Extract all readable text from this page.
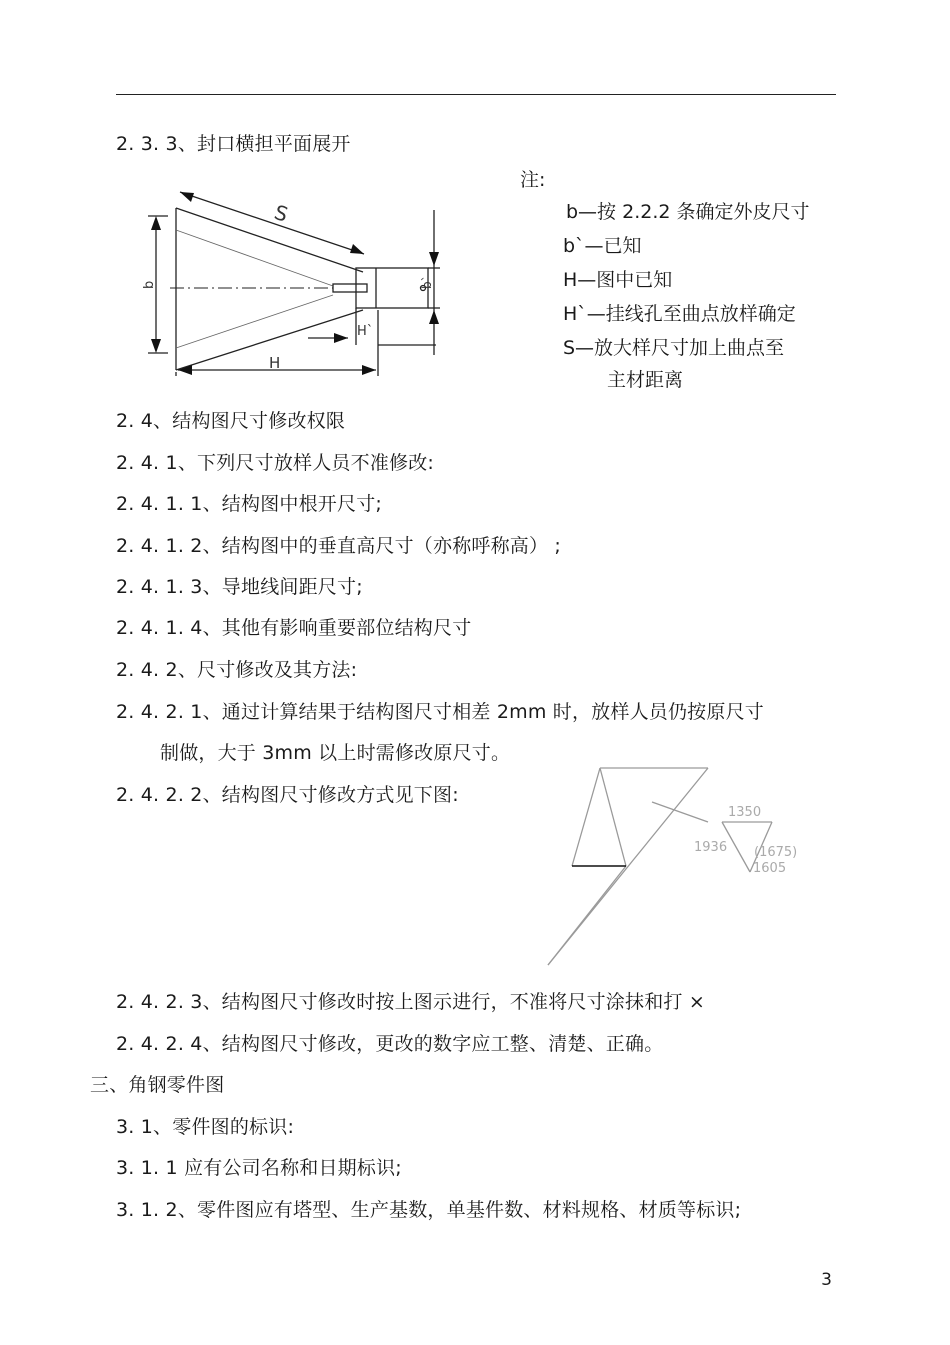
2. 3. 3、封口横担平面展开
S
b	b`
H
H`
注:
b—按 2.2.2 条确定外皮尺寸
b`—已知
H—图中已知
H`—挂线孔至曲点放样确定
S—放大样尺寸加上曲点至
主材距离
2. 4、结构图尺寸修改权限
2. 4. 1、下列尺寸放样人员不准修改:
2. 4. 1. 1、结构图中根开尺寸;
2. 4. 1. 2、结构图中的垂直高尺寸（亦称呼称高） ;
2. 4. 1. 3、导地线间距尺寸;
2. 4. 1. 4、其他有影响重要部位结构尺寸
2. 4. 2、尺寸修改及其方法:
2. 4. 2. 1、通过计算结果于结构图尺寸相差 2mm 时，放样人员仍按原尺寸
制做，大于 3mm 以上时需修改原尺寸。
2. 4. 2. 2、结构图尺寸修改方式见下图:
1350
1936 (1675)
1605
2. 4. 2. 3、结构图尺寸修改时按上图示进行，不准将尺寸涂抹和打 ×
2. 4. 2. 4、结构图尺寸修改，更改的数字应工整、清楚、正确。
三、角钢零件图
3. 1、零件图的标识:
3. 1. 1 应有公司名称和日期标识;
3. 1. 2、零件图应有塔型、生产基数，单基件数、材料规格、材质等标识;
3
